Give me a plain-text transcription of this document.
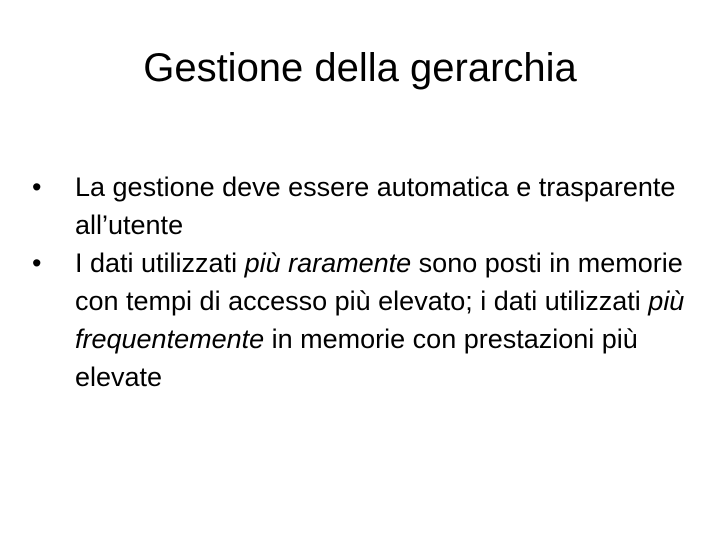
Gestione della gerarchia
•	La gestione deve essere automatica e trasparente all’utente
•	I dati utilizzati più raramente sono posti in memorie con tempi di accesso più elevato; i dati utilizzati più frequentemente in memorie con prestazioni più elevate
